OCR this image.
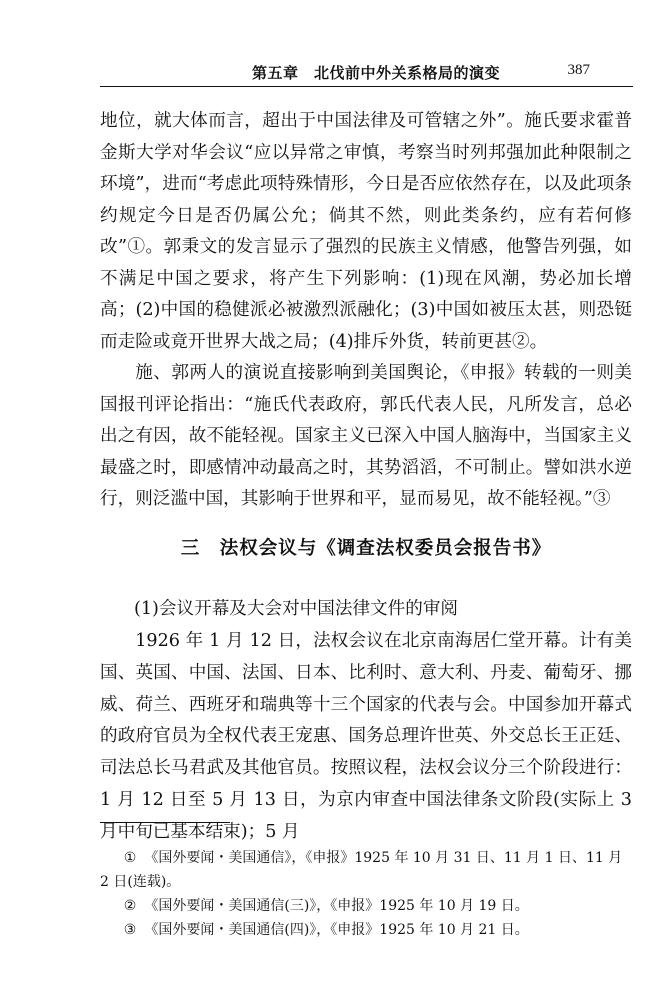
第五章　北伐前中外关系格局的演变	387

地位，就大体而言，超出于中国法律及可管辖之外”。施氏要求霍普金斯大学对华会议“应以异常之审慎，考察当时列邦强加此种限制之环境”，进而“考虑此项特殊情形，今日是否应依然存在，以及此项条约规定今日是否仍属公允；倘其不然，则此类条约，应有若何修改”①。郭秉文的发言显示了强烈的民族主义情感，他警告列强，如不满足中国之要求，将产生下列影响：(1)现在风潮，势必加长增高；(2)中国的稳健派必被激烈派融化；(3)中国如被压太甚，则恐铤而走险或竟开世界大战之局；(4)排斥外货，转前更甚②。

施、郭两人的演说直接影响到美国舆论，《申报》转载的一则美国报刊评论指出：“施氏代表政府，郭氏代表人民，凡所发言，总必出之有因，故不能轻视。国家主义已深入中国人脑海中，当国家主义最盛之时，即感情冲动最高之时，其势滔滔，不可制止。譬如洪水逆行，则泛滥中国，其影响于世界和平，显而易见，故不能轻视。”③

三　法权会议与《调查法权委员会报告书》
(1)会议开幕及大会对中国法律文件的审阅

1926 年 1 月 12 日，法权会议在北京南海居仁堂开幕。计有美国、英国、中国、法国、日本、比利时、意大利、丹麦、葡萄牙、挪威、荷兰、西班牙和瑞典等十三个国家的代表与会。中国参加开幕式的政府官员为全权代表王宠惠、国务总理许世英、外交总长王正廷、司法总长马君武及其他官员。按照议程，法权会议分三个阶段进行：1 月 12 日至 5 月 13 日，为京内审查中国法律条文阶段(实际上 3 月中旬已基本结束)；5 月

① 《国外要闻・美国通信》，《申报》1925 年 10 月 31 日、11 月 1 日、11 月 2 日(连载)。

② 《国外要闻・美国通信(三)》，《申报》1925 年 10 月 19 日。

③ 《国外要闻・美国通信(四)》，《申报》1925 年 10 月 21 日。
